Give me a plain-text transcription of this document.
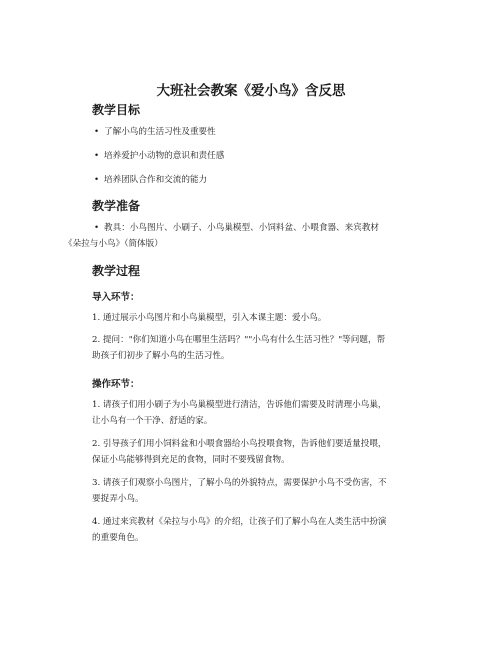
大班社会教案《爱小鸟》含反思
教学目标
• 了解小鸟的生活习性及重要性
• 培养爱护小动物的意识和责任感
• 培养团队合作和交流的能力
教学准备
• 教具：小鸟图片、小刷子、小鸟巢模型、小饲料盆、小喂食器、来宾教材
《朵拉与小鸟》（简体版）
教学过程
导入环节：
1. 通过展示小鸟图片和小鸟巢模型，引入本课主题：爱小鸟。
2. 提问："你们知道小鸟在哪里生活吗？""小鸟有什么生活习性？"等问题，帮
助孩子们初步了解小鸟的生活习性。
操作环节：
1. 请孩子们用小刷子为小鸟巢模型进行清洁，告诉他们需要及时清理小鸟巢，
让小鸟有一个干净、舒适的家。
2. 引导孩子们用小饲料盆和小喂食器给小鸟投喂食物，告诉他们要适量投喂，
保证小鸟能够得到充足的食物，同时不要残留食物。
3. 请孩子们观察小鸟图片，了解小鸟的外貌特点，需要保护小鸟不受伤害，不
要捉弄小鸟。
4. 通过来宾教材《朵拉与小鸟》的介绍，让孩子们了解小鸟在人类生活中扮演
的重要角色。
